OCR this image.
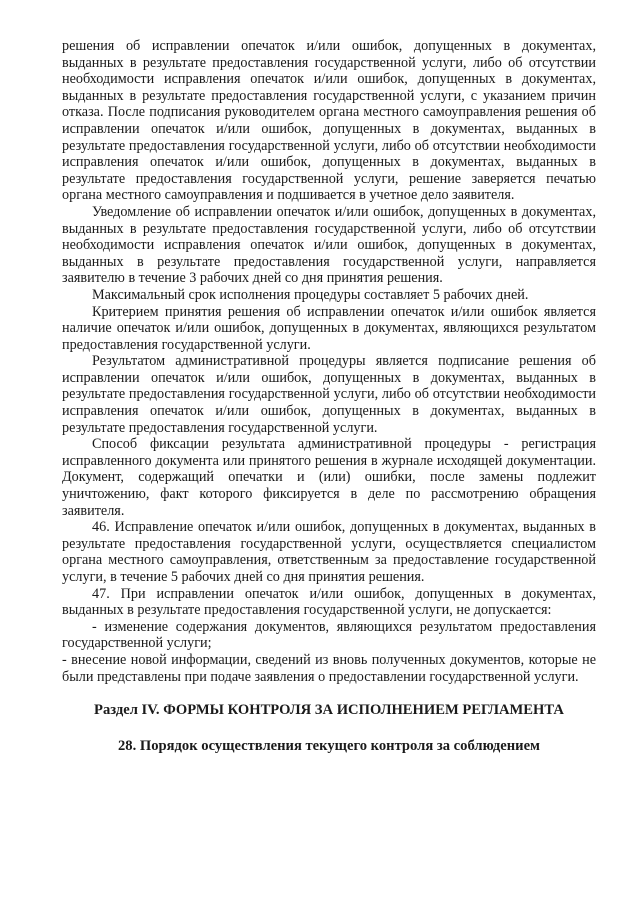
решения об исправлении опечаток и/или ошибок, допущенных в документах, выданных в результате предоставления государственной услуги, либо об отсутствии необходимости исправления опечаток и/или ошибок, допущенных в документах, выданных в результате предоставления государственной услуги, с указанием причин отказа. После подписания руководителем органа местного самоуправления решения об исправлении опечаток и/или ошибок, допущенных в документах, выданных в результате предоставления государственной услуги, либо об отсутствии необходимости исправления опечаток и/или ошибок, допущенных в документах, выданных в результате предоставления государственной услуги, решение заверяется печатью органа местного самоуправления и подшивается в учетное дело заявителя.

Уведомление об исправлении опечаток и/или ошибок, допущенных в документах, выданных в результате предоставления государственной услуги, либо об отсутствии необходимости исправления опечаток и/или ошибок, допущенных в документах, выданных в результате предоставления государственной услуги, направляется заявителю в течение 3 рабочих дней со дня принятия решения.

Максимальный срок исполнения процедуры составляет 5 рабочих дней.

Критерием принятия решения об исправлении опечаток и/или ошибок является наличие опечаток и/или ошибок, допущенных в документах, являющихся результатом предоставления государственной услуги.

Результатом административной процедуры является подписание решения об исправлении опечаток и/или ошибок, допущенных в документах, выданных в результате предоставления государственной услуги, либо об отсутствии необходимости исправления опечаток и/или ошибок, допущенных в документах, выданных в результате предоставления государственной услуги.

Способ фиксации результата административной процедуры - регистрация исправленного документа или принятого решения в журнале исходящей документации. Документ, содержащий опечатки и (или) ошибки, после замены подлежит уничтожению, факт которого фиксируется в деле по рассмотрению обращения заявителя.

46. Исправление опечаток и/или ошибок, допущенных в документах, выданных в результате предоставления государственной услуги, осуществляется специалистом органа местного самоуправления, ответственным за предоставление государственной услуги, в течение 5 рабочих дней со дня принятия решения.

47. При исправлении опечаток и/или ошибок, допущенных в документах, выданных в результате предоставления государственной услуги, не допускается:

- изменение содержания документов, являющихся результатом предоставления государственной услуги;

- внесение новой информации, сведений из вновь полученных документов, которые не были представлены при подаче заявления о предоставлении государственной услуги.

Раздел IV. ФОРМЫ КОНТРОЛЯ ЗА ИСПОЛНЕНИЕМ РЕГЛАМЕНТА
28. Порядок осуществления текущего контроля за соблюдением
